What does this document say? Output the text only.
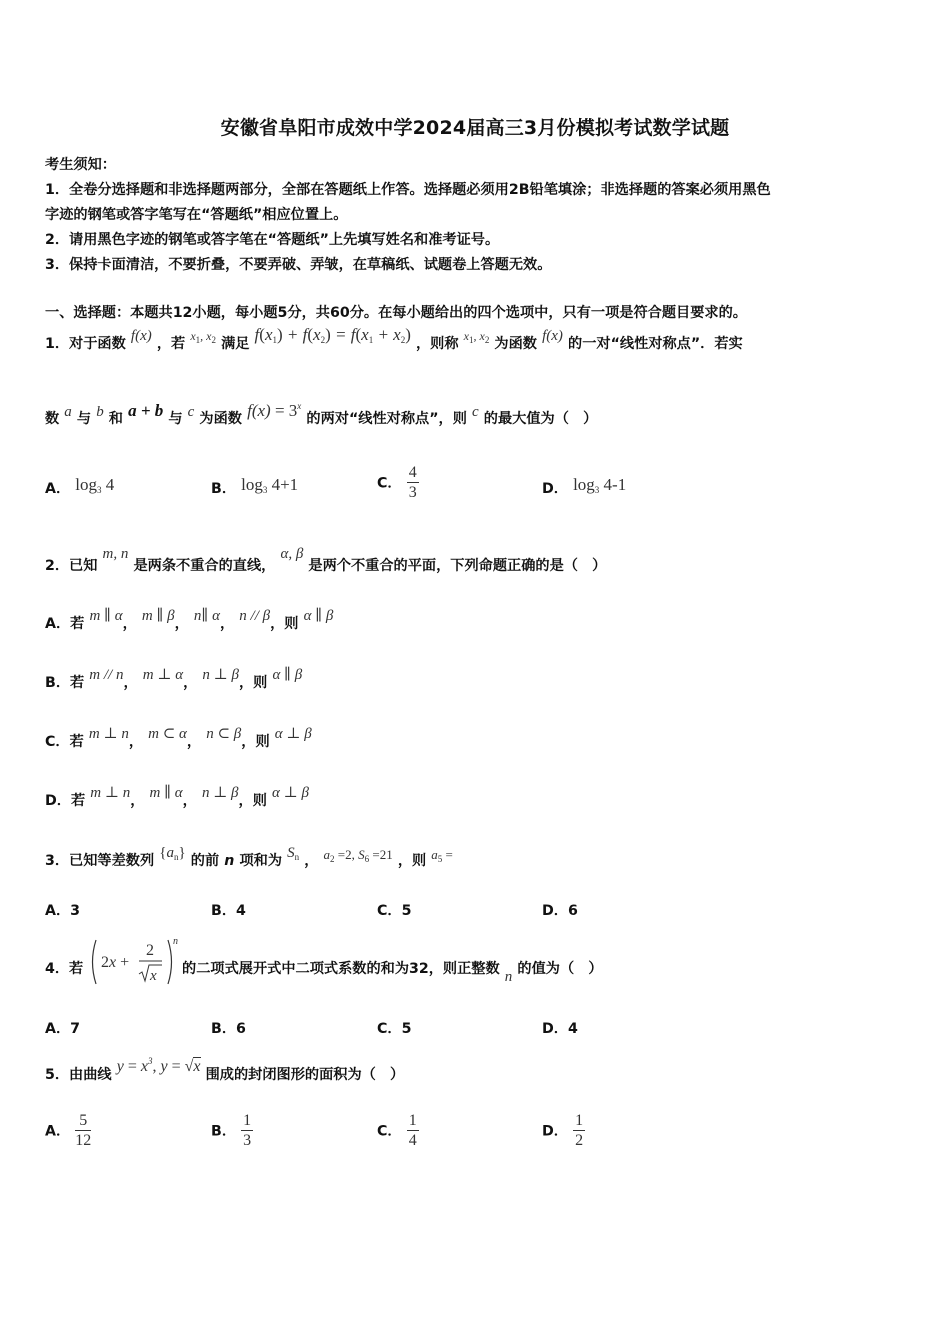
安徽省阜阳市成效中学2024届高三3月份模拟考试数学试题
考生须知：
1．全卷分选择题和非选择题两部分，全部在答题纸上作答。选择题必须用2B铅笔填涂；非选择题的答案必须用黑色
字迹的钢笔或答字笔写在“答题纸”相应位置上。
2．请用黑色字迹的钢笔或答字笔在“答题纸”上先填写姓名和准考证号。
3．保持卡面清洁，不要折叠，不要弄破、弄皱，在草稿纸、试题卷上答题无效。
一、选择题：本题共12小题，每小题5分，共60分。在每小题给出的四个选项中，只有一项是符合题目要求的。
1．对于函数 f(x) ，若 $^{x_1, x_2}$ 满足 $f(x_1) + f(x_2) = f(x_1 + x_2)$ ，则称 $^{x_1, x_2}$ 为函数 f(x) 的一对“线性对称点”．若实
数 a 与 b 和 a + b 与 c 为函数 $f(x) = 3^x$ 的两对“线性对称点”，则 c 的最大值为（　）
A． $\log_3 4$	B． $\log_3 4+1$	C． $\frac{4}{3}$	D． $\log_3 4-1$
2．已知 m, n 是两条不重合的直线， α, β 是两个不重合的平面，下列命题正确的是（　）
A．若 m ∥ α， m ∥ β， n∥ α， n // β，则 α ∥ β
B．若 m // n， m ⊥ α， n ⊥ β，则 α ∥ β
C．若 m ⊥ n， m ⊂ α， n ⊂ β，则 α ⊥ β
D．若 m ⊥ n， m ∥ α， n ⊥ β，则 α ⊥ β
3．已知等差数列 $\{a_n\}$ 的前 n 项和为 $S_n$ ， $^{a_2 =2, S_6 =21}$ ，则 $^{a_5 =}$
A．3	B．4	C．5	D．6
4．若 2x +
2
x
n
的二项式展开式中二项式系数的和为32，则正整数 n 的值为（　）
A．7	B．6	C．5	D．4
5．由曲线 $y = x^3$, y = √x 围成的封闭图形的面积为（　）
A． $\frac{5}{12}$	B． $\frac{1}{3}$	C． $\frac{1}{4}$	D． $\frac{1}{2}$
